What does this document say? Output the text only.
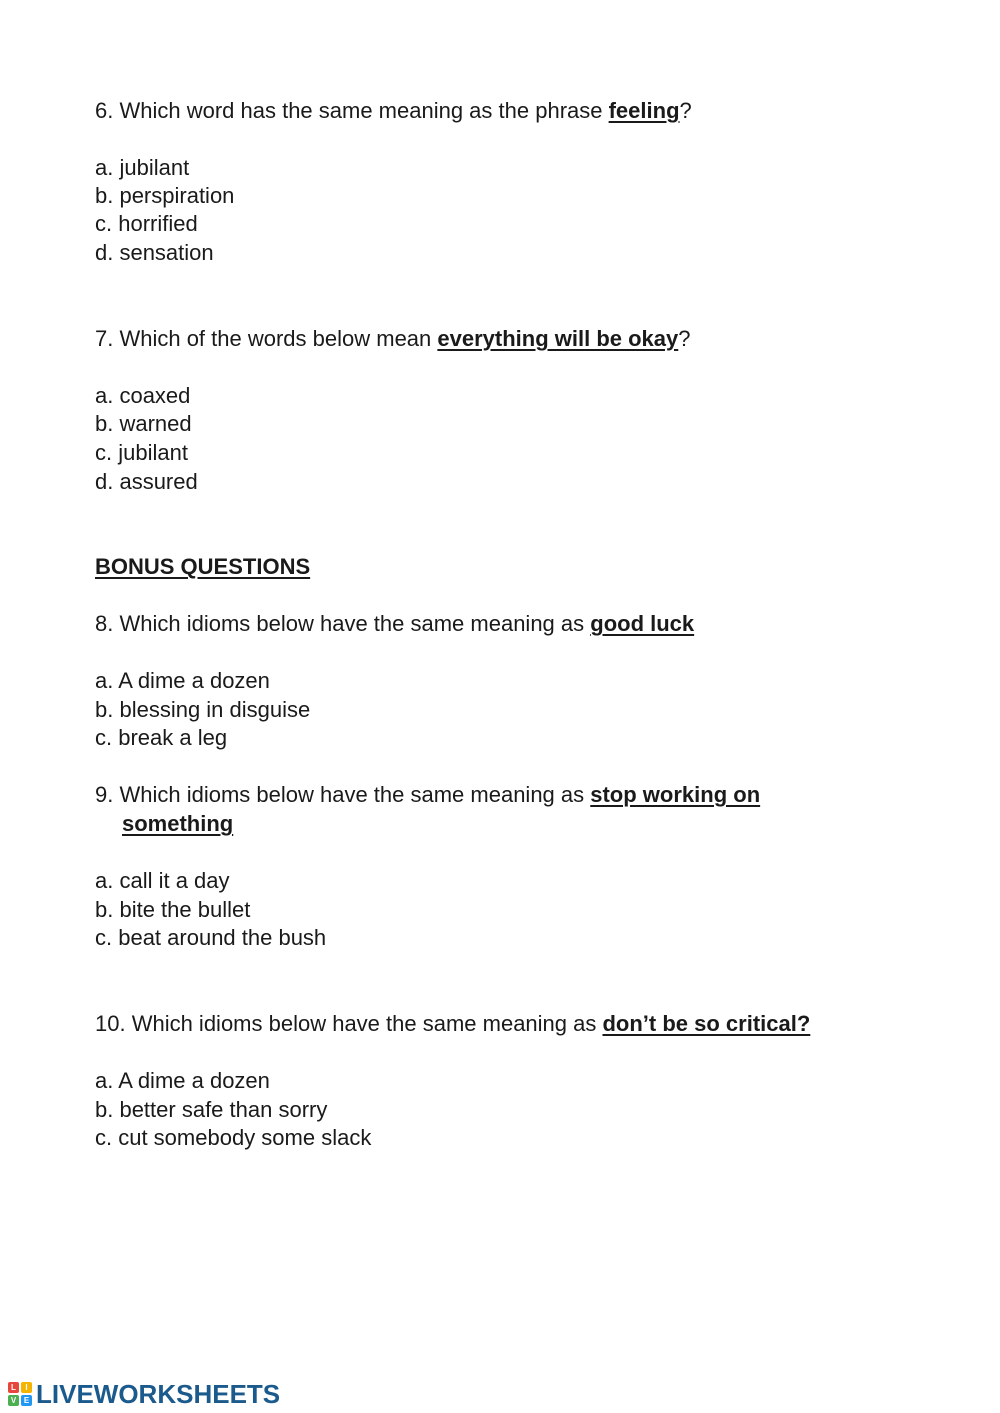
6. Which word has the same meaning as the phrase feeling?
a. jubilant
b. perspiration
c. horrified
d. sensation
7. Which of the words below mean everything will be okay?
a. coaxed
b. warned
c. jubilant
d. assured
BONUS QUESTIONS
8. Which idioms below have the same meaning as good luck
a. A dime a dozen
b. blessing in disguise
c. break a leg
9. Which idioms below have the same meaning as stop working on
something
a. call it a day
b. bite the bullet
c. beat around the bush
10. Which idioms below have the same meaning as don’t be so critical?
a. A dime a dozen
b. better safe than sorry
c. cut somebody some slack
L	I
V E LIVEWORKSHEETS
